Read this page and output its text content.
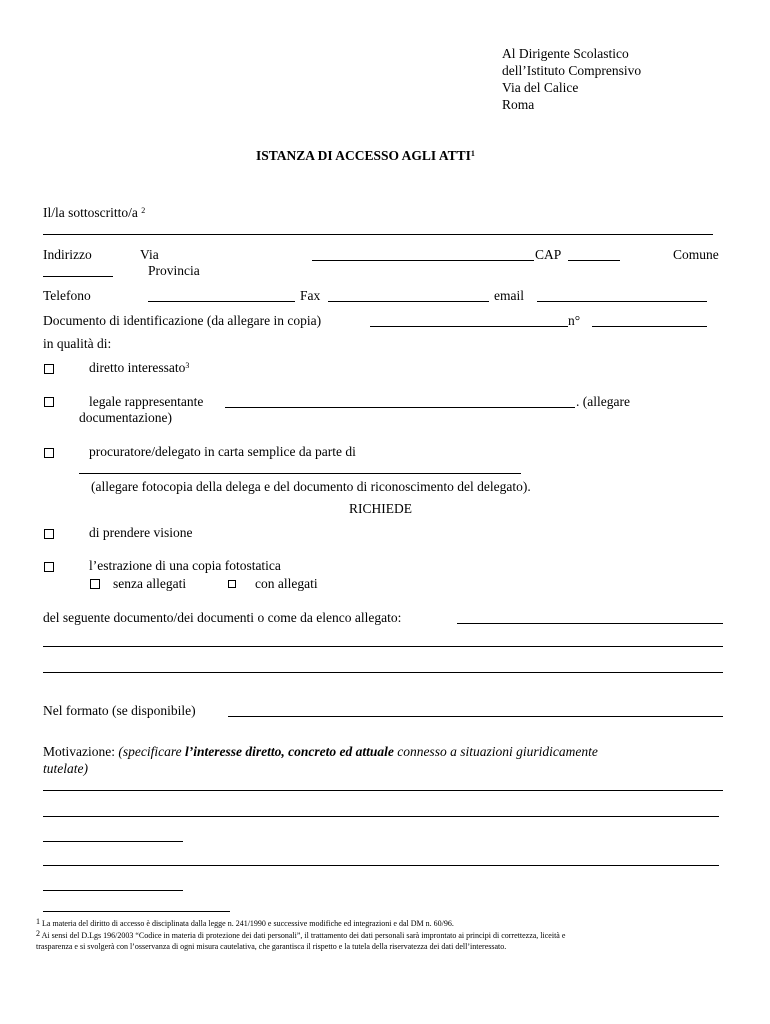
Al Dirigente Scolastico
dell’Istituto Comprensivo
Via del Calice
Roma
ISTANZA DI ACCESSO AGLI ATTI$^1$
Il/la sottoscritto/a $^2$
Indirizzo	Via	CAP	Comune
Provincia
Telefono	Fax	email
Documento di identificazione (da allegare in copia)	n°
in qualità di:
diretto interessato$^3$
legale rappresentante	. (allegare
documentazione)
procuratore/delegato in carta semplice da parte di
(allegare fotocopia della delega e del documento di riconoscimento del delegato).
RICHIEDE
di prendere visione
l’estrazione di una copia fotostatica
senza allegati	con allegati
del seguente documento/dei documenti o come da elenco allegato:
Nel formato (se disponibile)
Motivazione: (specificare l’interesse diretto, concreto ed attuale connesso a situazioni giuridicamente
tutelate)
$^1$ La materia del diritto di accesso è disciplinata dalla legge n. 241/1990 e successive modifiche ed integrazioni e dal DM n. 60/96.
$^2$ Ai sensi del D.Lgs 196/2003 “Codice in materia di protezione dei dati personali”, il trattamento dei dati personali sarà improntato ai principi di correttezza, liceità e
trasparenza e si svolgerà con l’osservanza di ogni misura cautelativa, che garantisca il rispetto e la tutela della riservatezza dei dati dell’interessato.
